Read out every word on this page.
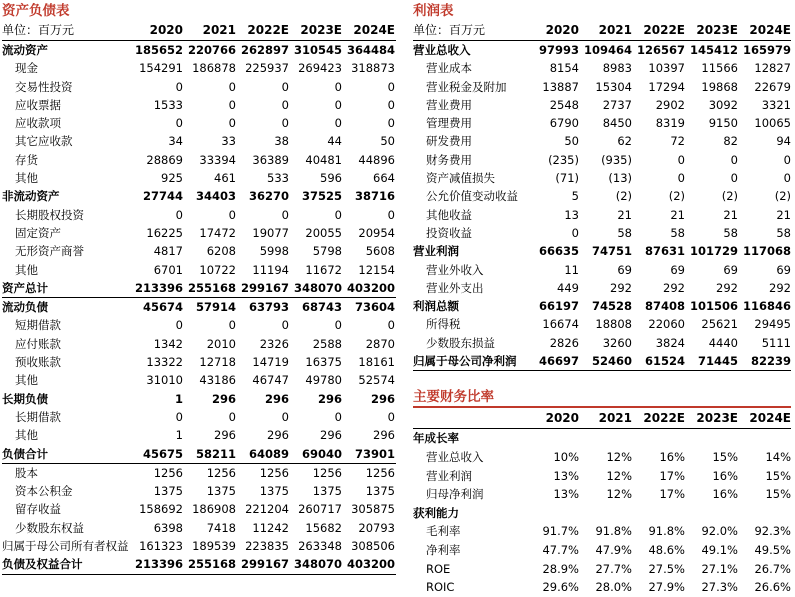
资产负债表
单位：百万元	2020	2021 2022E 2023E 2024E
流动资产	185652 220766 262897 310545 364484
现金	154291 186878 225937 269423 318873
交易性投资	0	0	0	0	0
应收票据	1533	0	0	0	0
应收款项	0	0	0	0	0
其它应收款	34	33	38	44	50
存货	28869	33394	36389	40481	44896
其他	925	461	533	596	664
非流动资产	27744	34403	36270	37525	38716
长期股权投资	0	0	0	0	0
固定资产	16225	17472	19077	20055	20954
无形资产商誉	4817	6208	5998	5798	5608
其他	6701	10722	11194	11672	12154
资产总计	213396 255168 299167 348070 403200
流动负债	45674	57914	63793	68743	73604
短期借款	0	0	0	0	0
应付账款	1342	2010	2326	2588	2870
预收账款	13322	12718	14719	16375	18161
其他	31010	43186	46747	49780	52574
长期负债	1	296	296	296	296
长期借款	0	0	0	0	0
其他	1	296	296	296	296
负债合计	45675	58211	64089	69040	73901
股本	1256	1256	1256	1256	1256
资本公积金	1375	1375	1375	1375	1375
留存收益	158692 186908 221204 260717 305875
少数股东权益	6398	7418	11242	15682	20793
归属于母公司所有者权益 161323 189539 223835 263348 308506
负债及权益合计	213396 255168 299167 348070 403200
利润表
单位：百万元	2020	2021 2022E 2023E 2024E
营业总收入	97993 109464 126567 145412 165979
营业成本	8154	8983	10397	11566	12827
营业税金及附加	13887	15304	17294	19868	22679
营业费用	2548	2737	2902	3092	3321
管理费用	6790	8450	8319	9150	10065
研发费用	50	62	72	82	94
财务费用	(235)	(935)	0	0	0
资产减值损失	(71)	(13)	0	0	0
公允价值变动收益	5	(2)	(2)	(2)	(2)
其他收益	13	21	21	21	21
投资收益	0	58	58	58	58
营业利润	66635	74751	87631 101729 117068
营业外收入	11	69	69	69	69
营业外支出	449	292	292	292	292
利润总额	66197	74528	87408 101506 116846
所得税	16674	18808	22060	25621	29495
少数股东损益	2826	3260	3824	4440	5111
归属于母公司净利润	46697	52460	61524	71445	82239
主要财务比率
2020	2021 2022E 2023E 2024E
年成长率
营业总收入	10%	12%	16%	15%	14%
营业利润	13%	12%	17%	16%	15%
归母净利润	13%	12%	17%	16%	15%
获利能力
毛利率	91.7%	91.8%	91.8%	92.0%	92.3%
净利率	47.7%	47.9%	48.6%	49.1%	49.5%
ROE	28.9%	27.7%	27.5%	27.1%	26.7%
ROIC	29.6%	28.0%	27.9%	27.3%	26.6%
